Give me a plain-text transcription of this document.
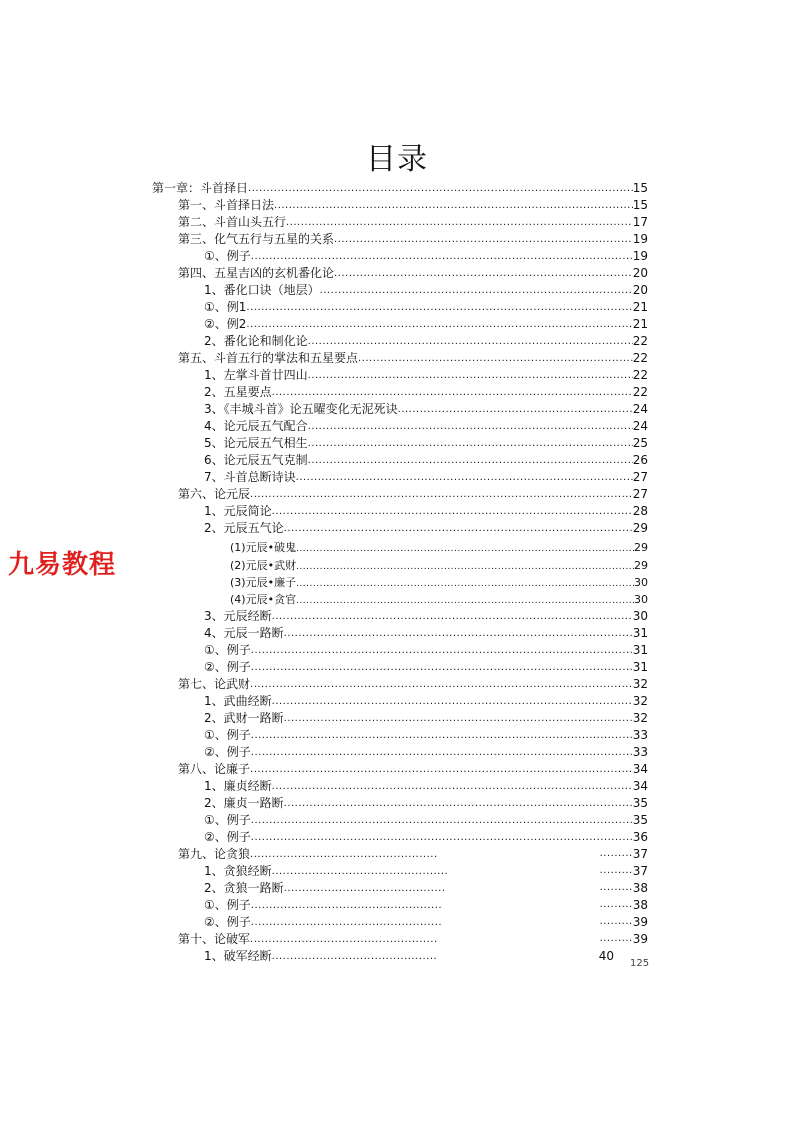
目录
第一章：斗首择日 .....	15
第一、斗首择日法 .....	15
第二、斗首山头五行 .....	17
第三、化气五行与五星的关系 .....	19
①、例子 .....	19
第四、五星吉凶的玄机番化论 .....	20
1、番化口诀（地层） .....	20
①、例1 .....	21
②、例2 .....	21
2、番化论和制化论 .....	22
第五、斗首五行的掌法和五星要点 .....	22
1、左掌斗首廿四山 .....	22
2、五星要点 .....	22
3、《丰城斗首》论五曜变化无泥死诀 .....	24
4、论元辰五气配合 .....	24
5、论元辰五气相生 .....	25
6、论元辰五气克制 .....	26
7、斗首总断诗诀 .....	27
第六、论元辰 .....	27
1、元辰简论 .....	28
2、元辰五气论 .....	29
(1)元辰•破鬼 .....	29
(2)元辰•武财 .....	29
(3)元辰•廉子 .....	30
(4)元辰•贪官 .....	30
3、元辰经断 .....	30
4、元辰一路断 .....	31
①、例子 .....	31
②、例子 .....	31
第七、论武财 .....	32
1、武曲经断 .....	32
2、武财一路断 .....	32
①、例子 .....	33
②、例子 .....	33
第八、论廉子 .....	34
1、廉贞经断 .....	34
2、廉贞一路断 .....	35
①、例子 .....	35
②、例子 .....	36
第九、论贪狼 ..... .....	37
1、贪狼经断 ..... .....	37
2、贪狼一路断 ..... .....	38
①、例子 ..... .....	38
②、例子 ..... .....	39
第十、论破军 ..... .....	39
1、破军经断 .....	40
125
九易教程
